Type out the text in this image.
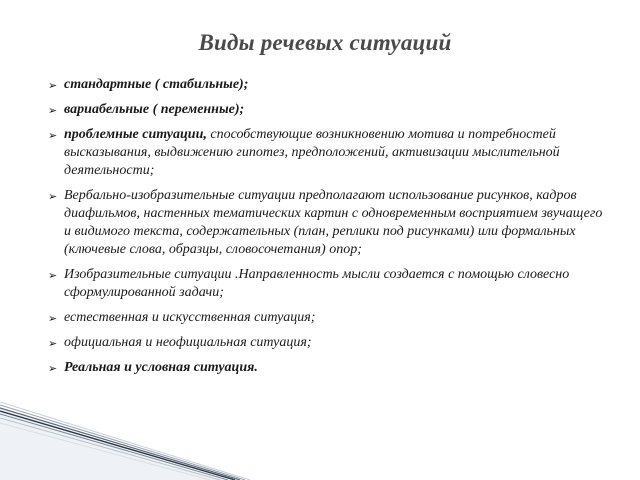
Виды речевых ситуаций
➢ стандартные ( стабильные);
➢ вариабельные ( переменные);
➢ проблемные ситуации, способствующие возникновению мотива и потребностей высказывания, выдвижению гипотез, предположений, активизации мыслительной деятельности;
➢ Вербально-изобразительные ситуации предполагают использование рисунков, кадров диафильмов, настенных тематических картин с одновременным восприятием звучащего и видимого текста, содержательных (план, реплики под рисунками) или формальных (ключевые слова, образцы, словосочетания) опор;
➢ Изобразительные ситуации .Направленность мысли создается с помощью словесно сформулированной задачи;
➢ естественная и искусственная ситуация;
➢ официальная и неофициальная ситуация;
➢ Реальная и условная ситуация.
